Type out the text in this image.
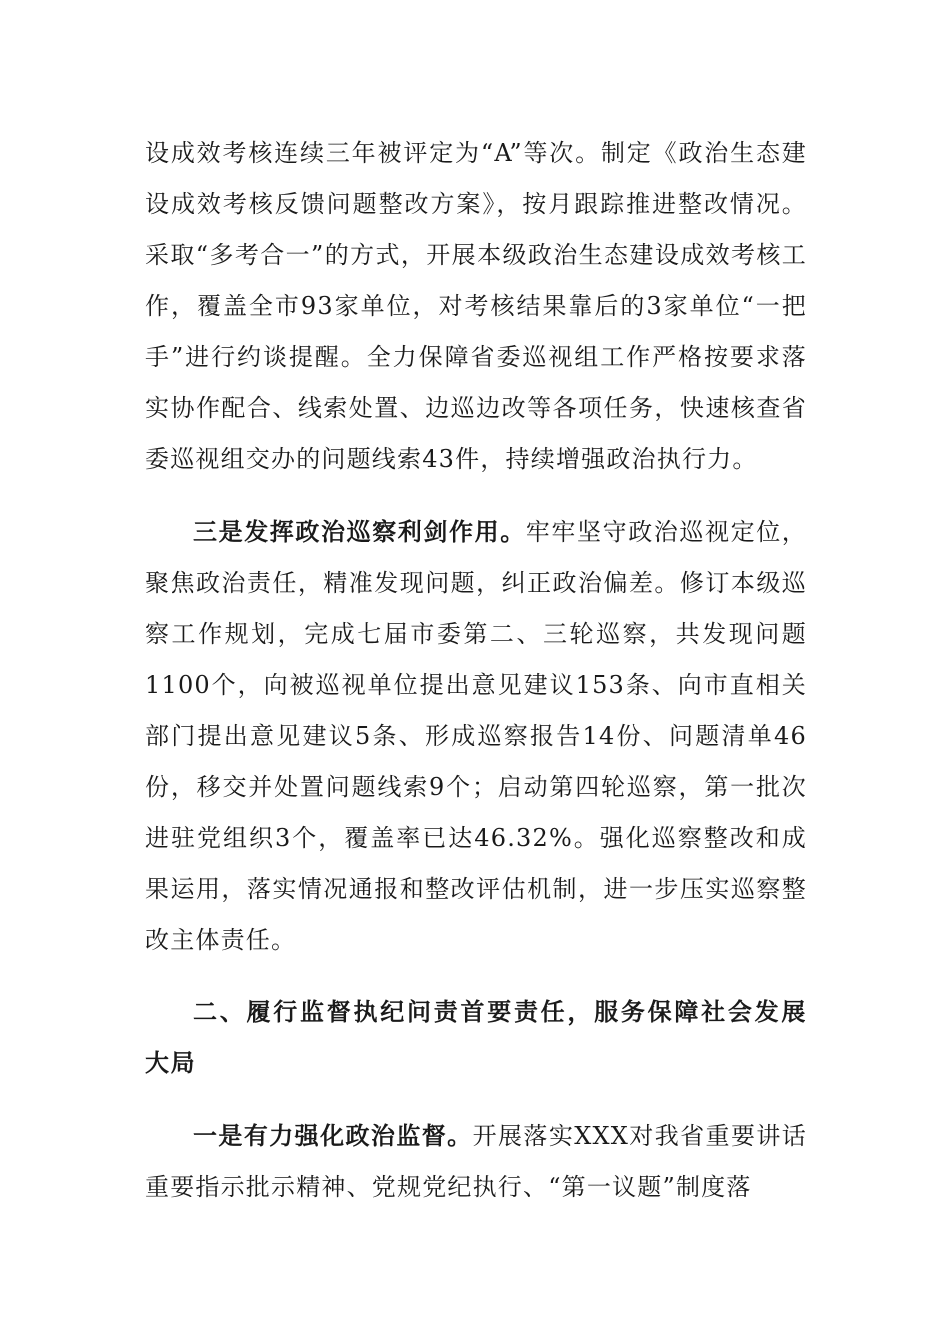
设成效考核连续三年被评定为“A”等次。制定《政治生态建设成效考核反馈问题整改方案》，按月跟踪推进整改情况。采取“多考合一”的方式，开展本级政治生态建设成效考核工作，覆盖全市93家单位，对考核结果靠后的3家单位“一把手”进行约谈提醒。全力保障省委巡视组工作严格按要求落实协作配合、线索处置、边巡边改等各项任务，快速核查省委巡视组交办的问题线索43件，持续增强政治执行力。

三是发挥政治巡察利剑作用。牢牢坚守政治巡视定位，聚焦政治责任，精准发现问题，纠正政治偏差。修订本级巡察工作规划，完成七届市委第二、三轮巡察，共发现问题1100个，向被巡视单位提出意见建议153条、向市直相关部门提出意见建议5条、形成巡察报告14份、问题清单46份，移交并处置问题线索9个；启动第四轮巡察，第一批次进驻党组织3个，覆盖率已达46.32%。强化巡察整改和成果运用，落实情况通报和整改评估机制，进一步压实巡察整改主体责任。

二、履行监督执纪问责首要责任，服务保障社会发展大局

一是有力强化政治监督。开展落实XXX对我省重要讲话重要指示批示精神、党规党纪执行、“第一议题”制度落
